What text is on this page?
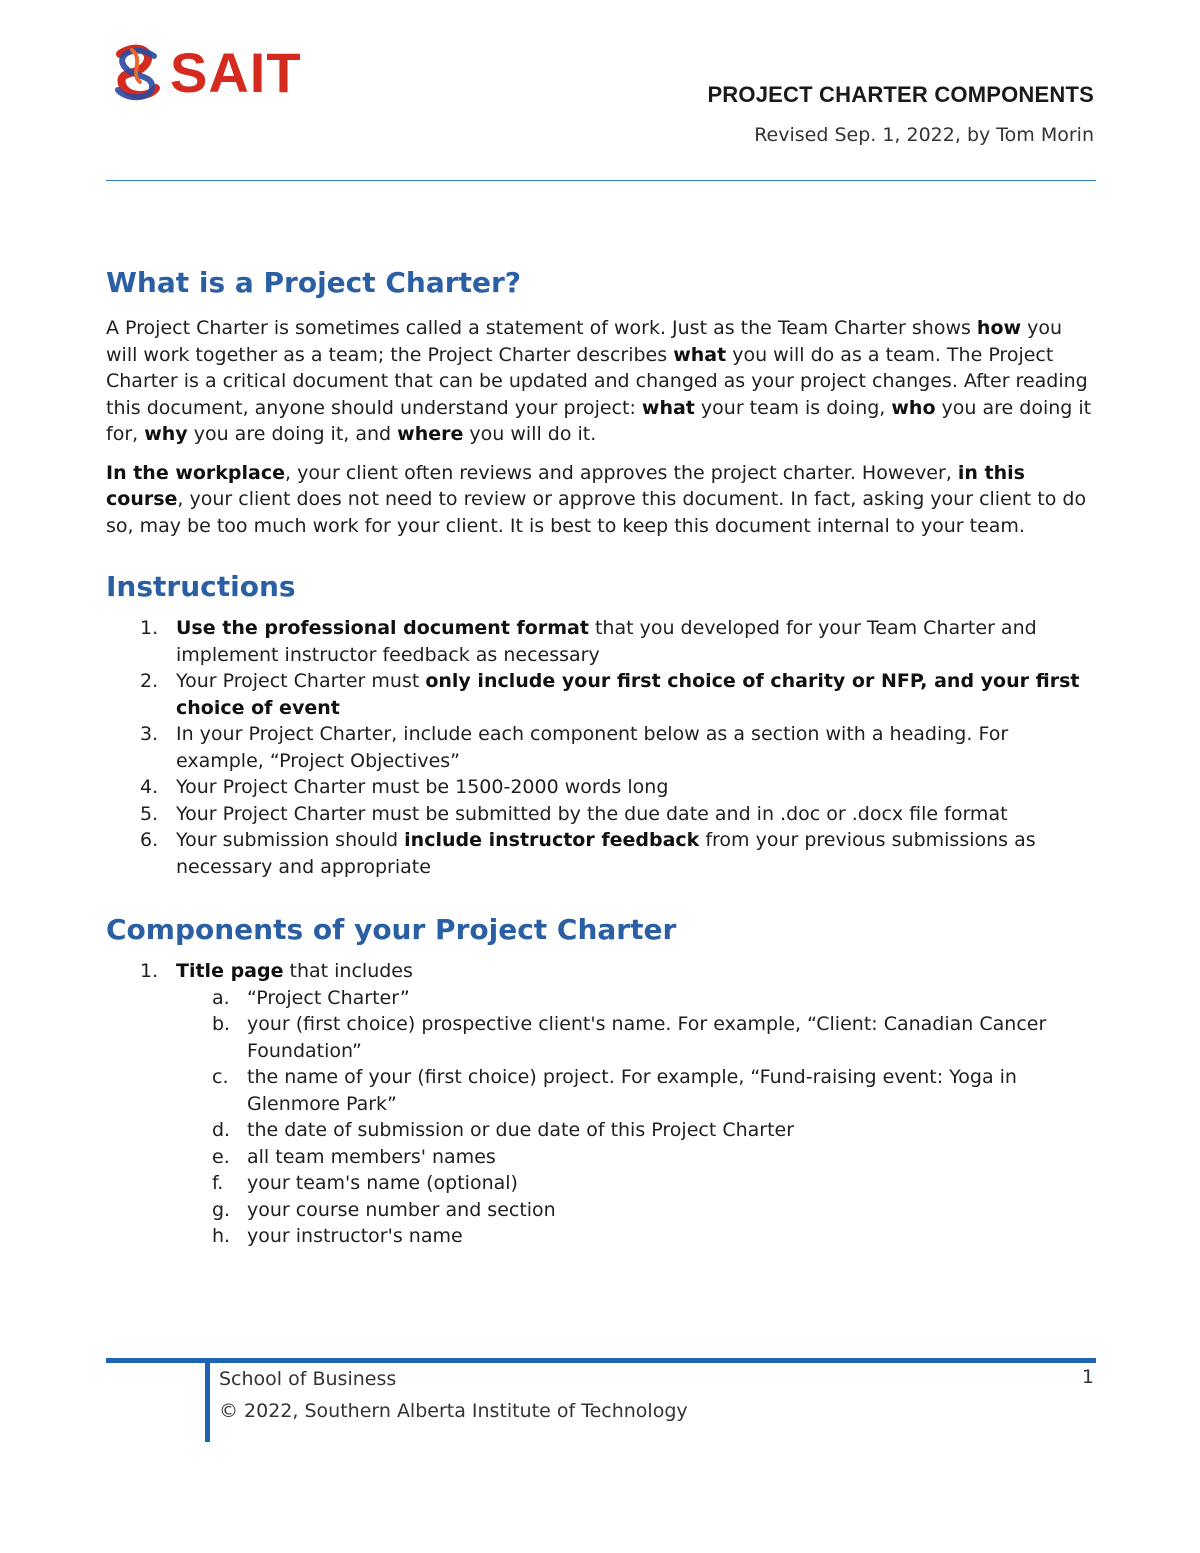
SAIT	PROJECT CHARTER COMPONENTS
Revised Sep. 1, 2022, by Tom Morin
What is a Project Charter?

A Project Charter is sometimes called a statement of work. Just as the Team Charter shows how you will work together as a team; the Project Charter describes what you will do as a team. The Project Charter is a critical document that can be updated and changed as your project changes. After reading this document, anyone should understand your project: what your team is doing, who you are doing it for, why you are doing it, and where you will do it.

In the workplace, your client often reviews and approves the project charter. However, in this course, your client does not need to review or approve this document. In fact, asking your client to do so, may be too much work for your client. It is best to keep this document internal to your team.

Instructions
1. Use the professional document format that you developed for your Team Charter and implement instructor feedback as necessary
2. Your Project Charter must only include your first choice of charity or NFP, and your first choice of event
3. In your Project Charter, include each component below as a section with a heading. For example, “Project Objectives”
4. Your Project Charter must be 1500-2000 words long
5. Your Project Charter must be submitted by the due date and in .doc or .docx file format
6. Your submission should include instructor feedback from your previous submissions as necessary and appropriate
Components of your Project Charter
1. Title page that includes
a. “Project Charter”
b. your (first choice) prospective client's name. For example, “Client: Canadian Cancer Foundation”
c. the name of your (first choice) project. For example, “Fund-raising event: Yoga in Glenmore Park”
d. the date of submission or due date of this Project Charter
e. all team members' names
f. your team's name (optional)
g. your course number and section
h. your instructor's name
School of Business
© 2022, Southern Alberta Institute of Technology
1
